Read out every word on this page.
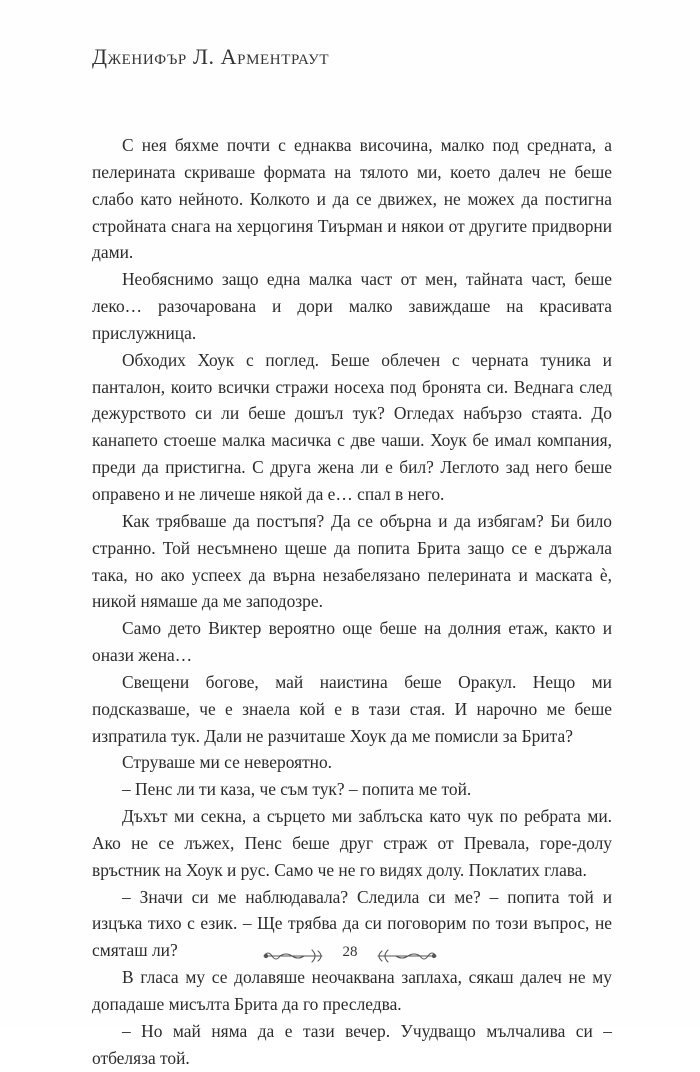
Дженифър Л. Арментраут

С нея бяхме почти с еднаква височина, малко под средната, а пелерината скриваше формата на тялото ми, което далеч не беше слабо като нейното. Колкото и да се движех, не можех да постигна стройната снага на херцогиня Тиърман и някои от другите придворни дами.

Необяснимо защо една малка част от мен, тайната част, беше леко… разочарована и дори малко завиждаше на красивата прислужница.

Обходих Хоук с поглед. Беше облечен с черната туника и панталон, които всички стражи носеха под бронята си. Веднага след дежурството си ли беше дошъл тук? Огледах набързо стаята. До канапето стоеше малка масичка с две чаши. Хоук бе имал компания, преди да пристигна. С друга жена ли е бил? Леглото зад него беше оправено и не личеше някой да е… спал в него.

Как трябваше да постъпя? Да се обърна и да избягам? Би било странно. Той несъмнено щеше да попита Брита защо се е държала така, но ако успеех да върна незабелязано пелерината и маската ѐ, никой нямаше да ме заподозре.

Само дето Виктер вероятно още беше на долния етаж, както и онази жена…

Свещени богове, май наистина беше Оракул. Нещо ми подсказваше, че е знаела кой е в тази стая. И нарочно ме беше изпратила тук. Дали не разчиташе Хоук да ме помисли за Брита?

Струваше ми се невероятно.

– Пенс ли ти каза, че съм тук? – попита ме той.

Дъхът ми секна, а сърцето ми заблъска като чук по ребрата ми. Ако не се лъжех, Пенс беше друг страж от Превала, горе-долу връстник на Хоук и рус. Само че не го видях долу. Поклатих глава.

– Значи си ме наблюдавала? Следила си ме? – попита той и изцъка тихо с език. – Ще трябва да си поговорим по този въпрос, не смяташ ли?

В гласа му се долавяше неочаквана заплаха, сякаш далеч не му допадаше мисълта Брита да го преследва.

– Но май няма да е тази вечер. Учудващо мълчалива си – отбеляза той.

28
